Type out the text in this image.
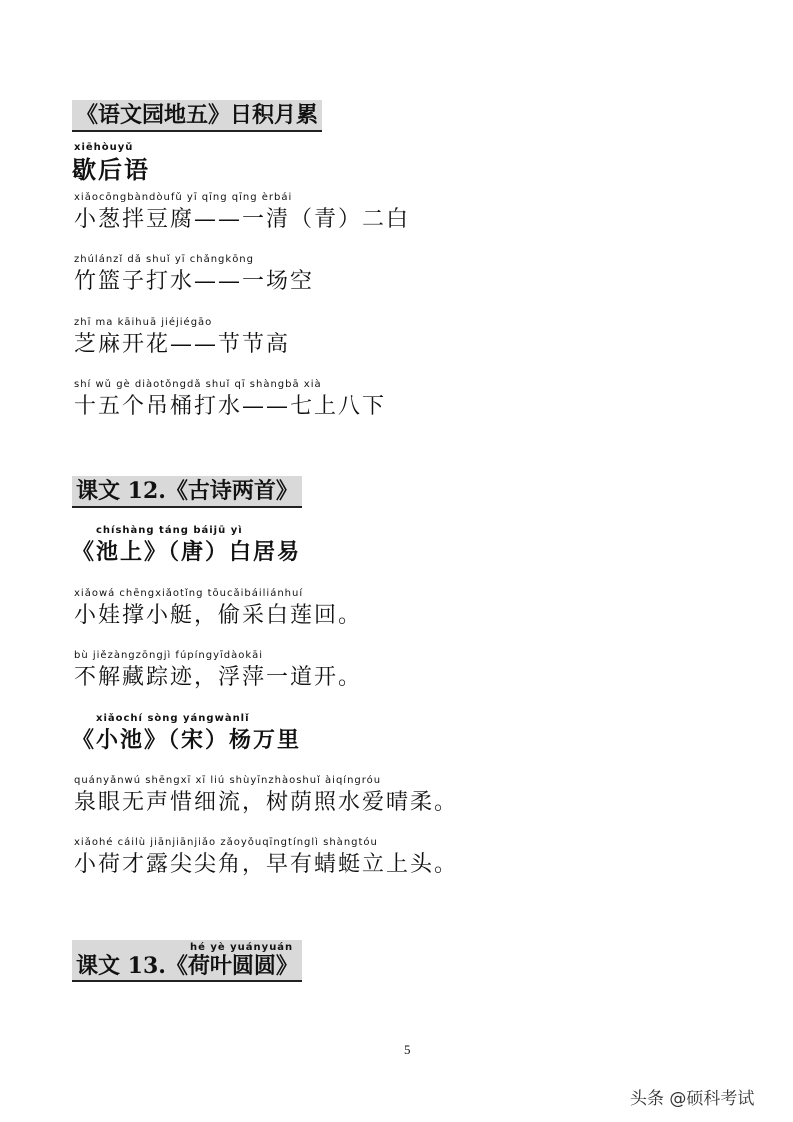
《语文园地五》日积月累
xiēhòuyǔ
歇后语
xiǎocōngbàndòufǔ yī qīng qīng èrbái
小葱拌豆腐——一清（青）二白
zhúlánzǐ dǎ shuǐ yī chǎngkōng
竹篮子打水——一场空
zhī ma kāihuā jiéjiégāo
芝麻开花——节节高
shí wǔ gè diàotǒngdǎ shuǐ qī shàngbā xià
十五个吊桶打水——七上八下
课文 12.《古诗两首》
chíshàng táng báijū yì
《池上》（唐）白居易
xiǎowá chēngxiǎotǐng tōucǎibáiliánhuí
小娃撑小艇，偷采白莲回。
bù jiězàngzōngjì fúpíngyīdàokāi
不解藏踪迹，浮萍一道开。
xiǎochí sòng yángwànlǐ
《小池》（宋）杨万里
quányǎnwú shēngxī xī liú shùyīnzhàoshuǐ àiqíngróu
泉眼无声惜细流，树荫照水爱晴柔。
xiǎohé cáilù jiānjiānjiǎo zǎoyǒuqīngtínglì shàngtóu
小荷才露尖尖角，早有蜻蜓立上头。
hé yè yuányuán
课文 13.《荷叶圆圆》
5
头条 @硕科考试
